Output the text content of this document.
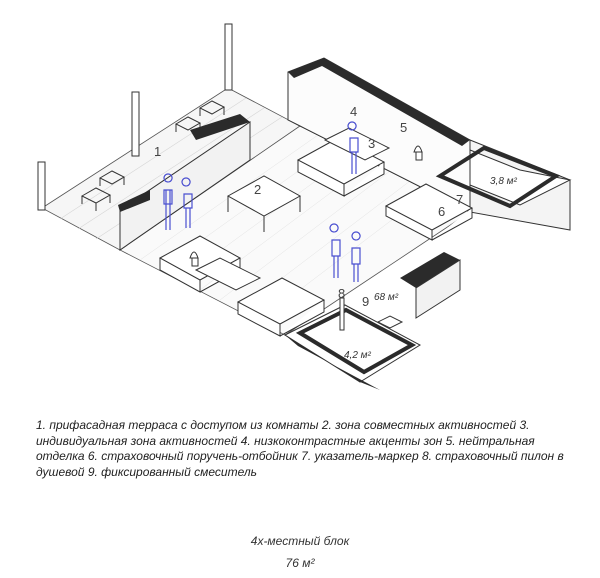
1
2
3
4
5
6
7
8
9 68 м²
3,8 м²
4,2 м²

1. прифасадная терраса с доступом из комнаты 2. зона совместных активностей 3. индивидуальная зона активностей 4. низкоконтрастные акценты зон 5. нейтральная отделка 6. страховочный поручень-отбойник 7. указатель-маркер 8. страховочный пилон в душевой 9. фиксированный смеситель

4х-местный блок

76 м²
